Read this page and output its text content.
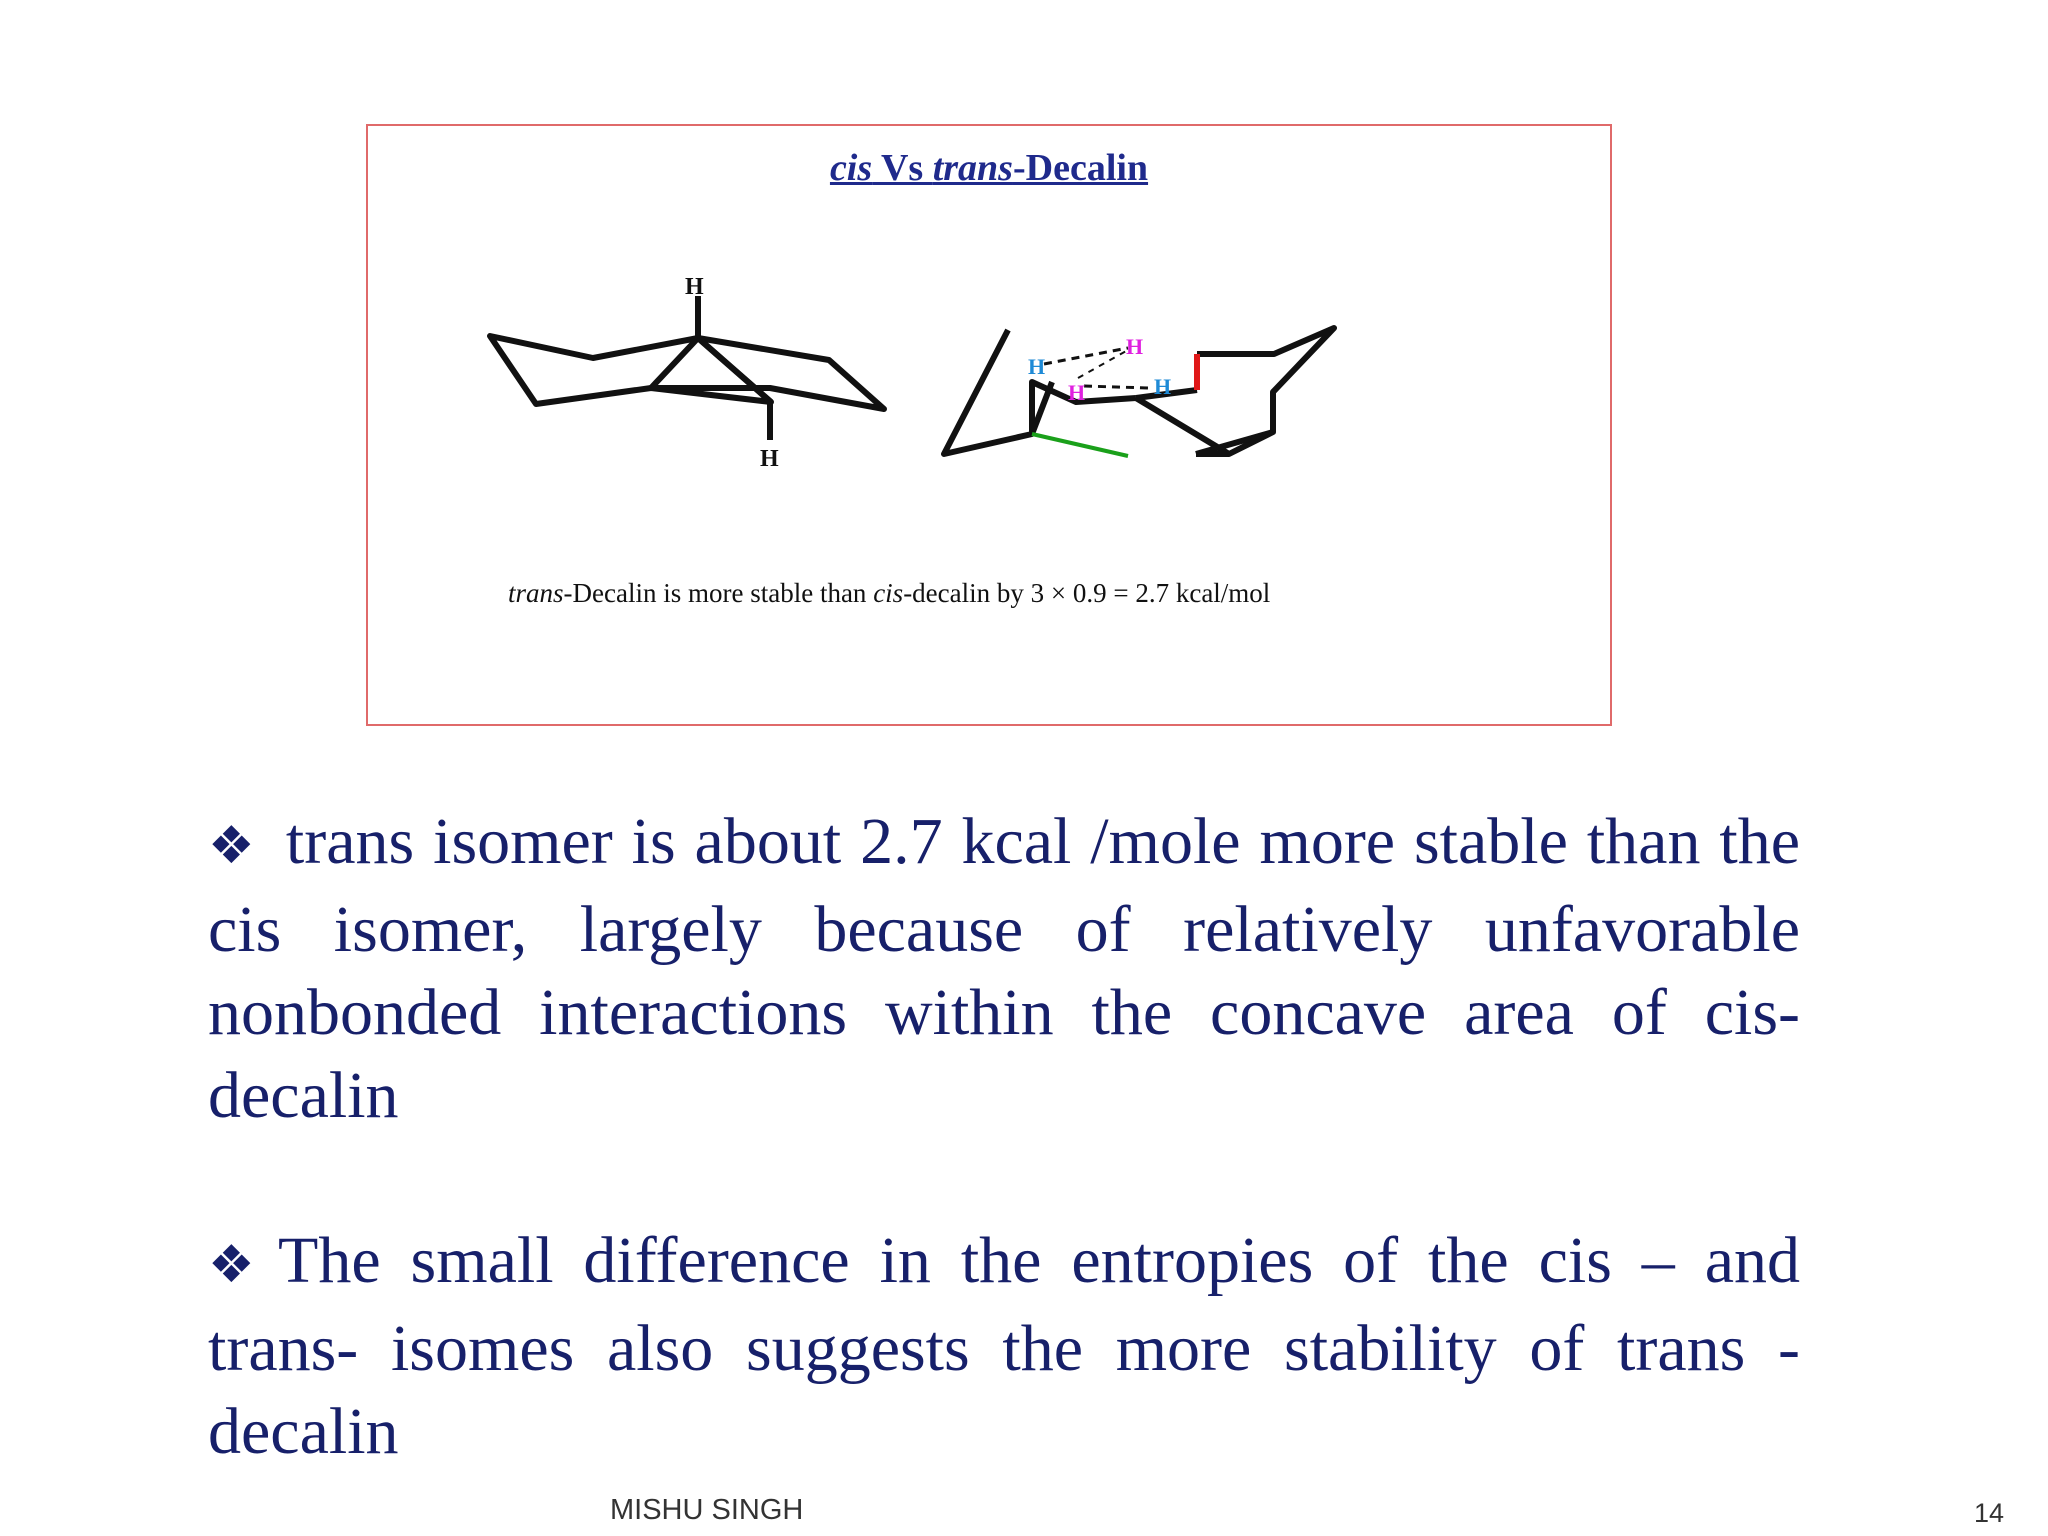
cis Vs trans-Decalin
H
H
H
H
H	H
trans-Decalin is more stable than cis-decalin by 3 × 0.9 = 2.7 kcal/mol

❖ trans isomer is about 2.7 kcal /mole more stable than the cis isomer, largely because of relatively unfavorable nonbonded interactions within the concave area of cis-decalin

❖ The small difference in the entropies of the cis – and trans- isomes also suggests the more stability of trans - decalin

MISHU SINGH	14
